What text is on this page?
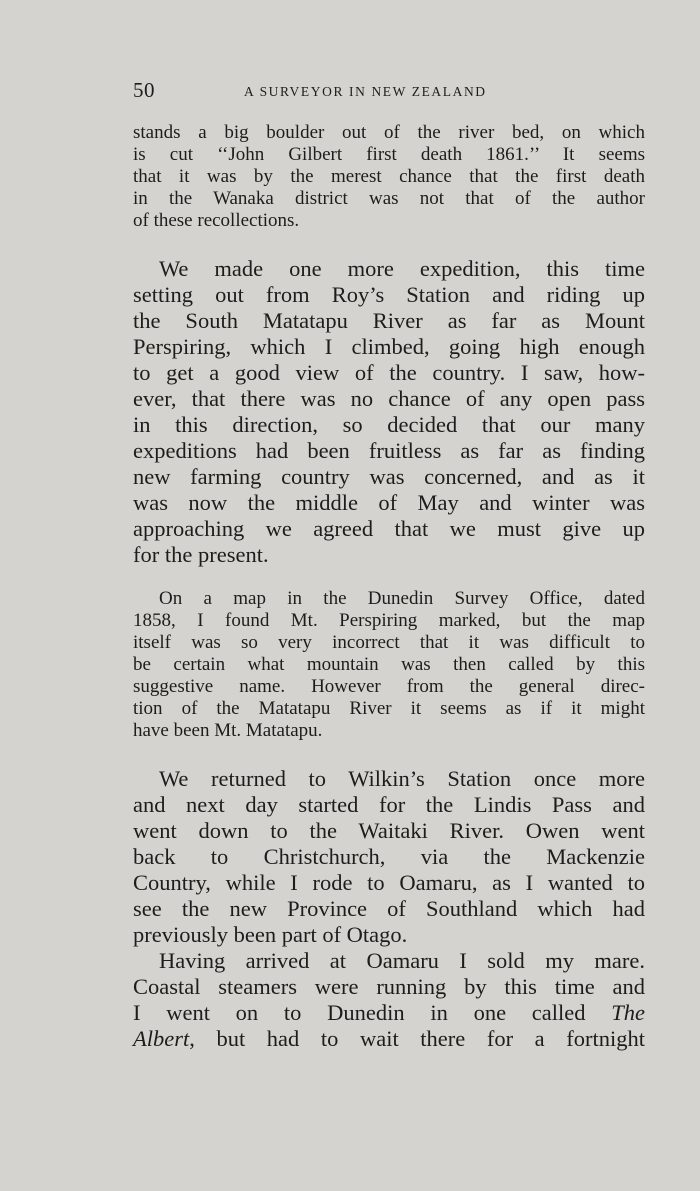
50	A SURVEYOR IN NEW ZEALAND
stands a big boulder out of the river bed, on which
is cut ‘‘John Gilbert first death 1861.’’ It seems
that it was by the merest chance that the first death
in the Wanaka district was not that of the author
of these recollections.
We made one more expedition, this time
setting out from Roy’s Station and riding up
the South Matatapu River as far as Mount
Perspiring, which I climbed, going high enough
to get a good view of the country. I saw, how-
ever, that there was no chance of any open pass
in this direction, so decided that our many
expeditions had been fruitless as far as finding
new farming country was concerned, and as it
was now the middle of May and winter was
approaching we agreed that we must give up
for the present.
On a map in the Dunedin Survey Office, dated
1858, I found Mt. Perspiring marked, but the map
itself was so very incorrect that it was difficult to
be certain what mountain was then called by this
suggestive name. However from the general direc-
tion of the Matatapu River it seems as if it might
have been Mt. Matatapu.
We returned to Wilkin’s Station once more
and next day started for the Lindis Pass and
went down to the Waitaki River. Owen went
back to Christchurch, via the Mackenzie
Country, while I rode to Oamaru, as I wanted to
see the new Province of Southland which had
previously been part of Otago.
Having arrived at Oamaru I sold my mare.
Coastal steamers were running by this time and
I went on to Dunedin in one called The
Albert, but had to wait there for a fortnight
